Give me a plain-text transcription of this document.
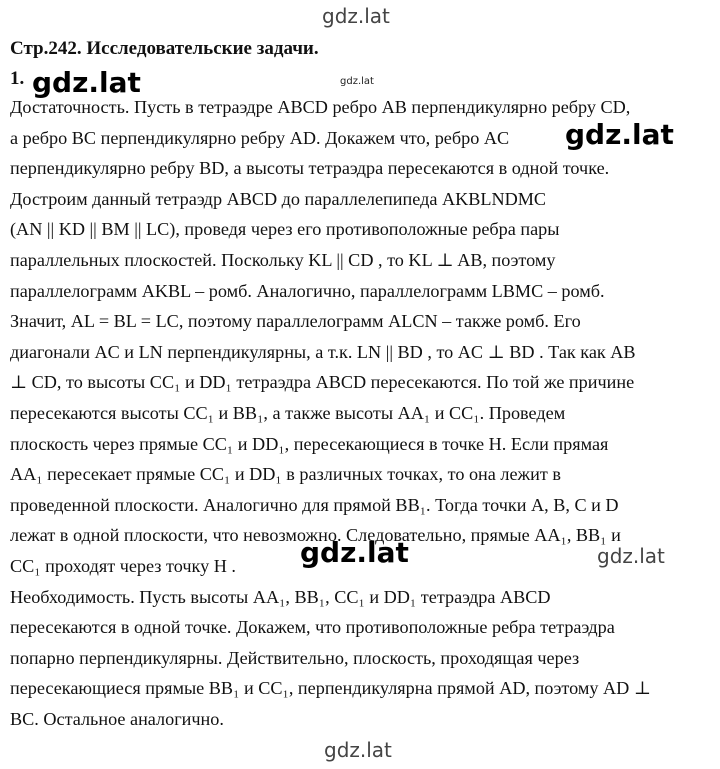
gdz.lat
Стр.242. Исследовательские задачи.
1. gdz.lat	gdz.lat
Достаточность. Пусть в тетраэдре ABCD ребро AB перпендикулярно ребру CD,
а ребро BC перпендикулярно ребру AD. Докажем что, ребро AC
перпендикулярно ребру BD, а высоты тетраэдра пересекаются в одной точке.
Достроим данный тетраэдр ABCD до параллелепипеда AKBLNDMC
(AN || KD || BM || LC), проведя через его противоположные ребра пары
параллельных плоскостей. Поскольку KL || CD , то KL ⊥ AB, поэтому
параллелограмм AKBL – ромб. Аналогично, параллелограмм LBMC – ромб.
Значит, AL = BL = LC, поэтому параллелограмм ALCN – также ромб. Его
диагонали AC и LN перпендикулярны, а т.к. LN || BD , то AC ⊥ BD . Так как AB
⊥ CD, то высоты CC₁ и DD₁ тетраэдра ABCD пересекаются. По той же причине
пересекаются высоты CC₁ и BB₁, а также высоты AA₁ и CC₁. Проведем
плоскость через прямые CC₁ и DD₁, пересекающиеся в точке H. Если прямая
AA₁ пересекает прямые CC₁ и DD₁ в различных точках, то она лежит в
проведенной плоскости. Аналогично для прямой BB₁. Тогда точки A, B, C и D
лежат в одной плоскости, что невозможно. Следовательно, прямые AA₁, BB₁ и
CC₁ проходят через точку H .
Необходимость. Пусть высоты AA₁, BB₁, CC₁ и DD₁ тетраэдра ABCD
пересекаются в одной точке. Докажем, что противоположные ребра тетраэдра
попарно перпендикулярны. Действительно, плоскость, проходящая через
пересекающиеся прямые BB₁ и CC₁, перпендикулярна прямой AD, поэтому AD ⊥
BC. Остальное аналогично.
gdz.lat
gdz.lat	gdz.lat
gdz.lat
